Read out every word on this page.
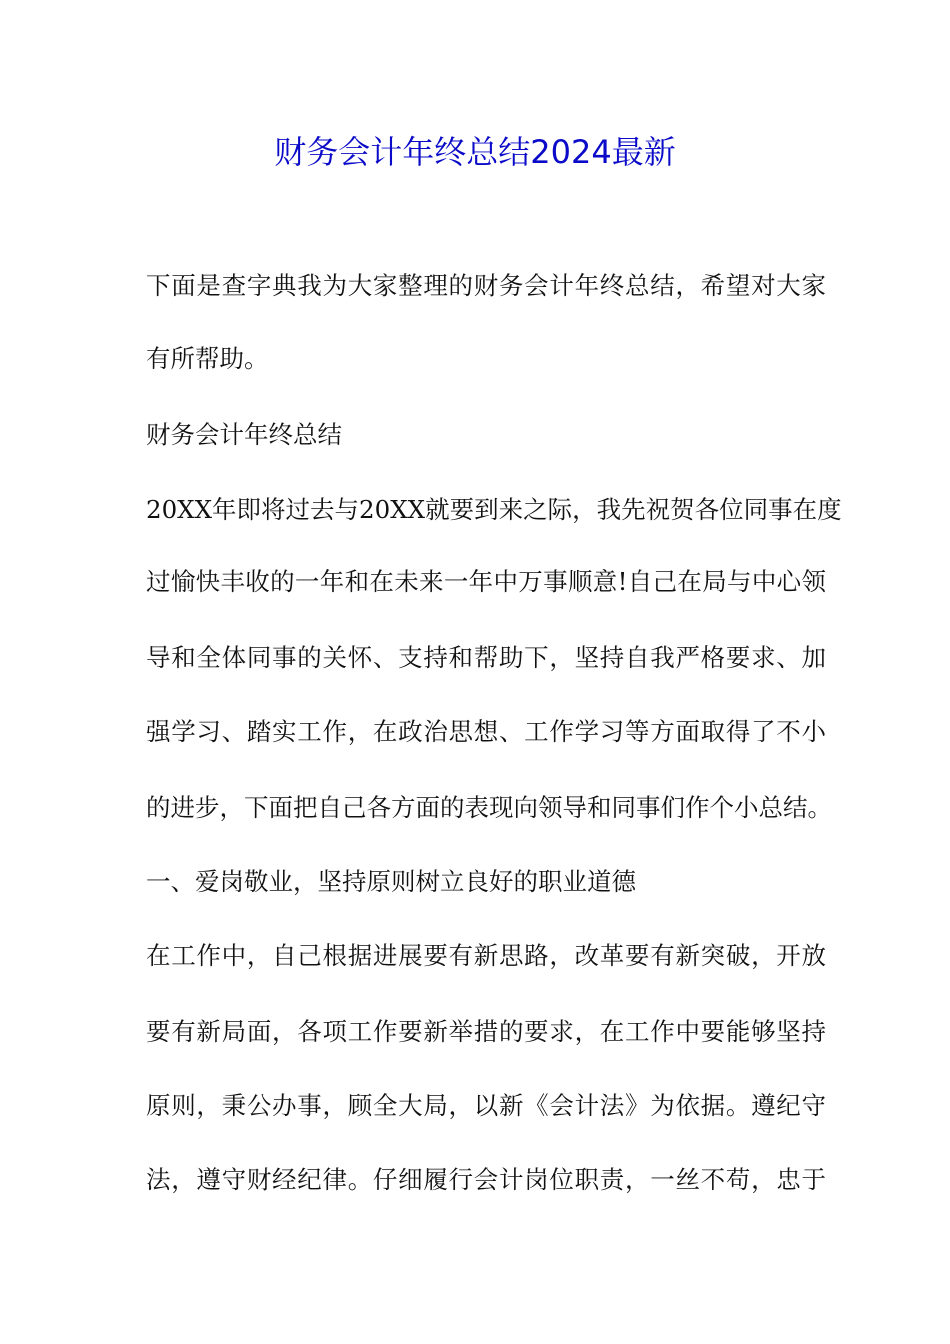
财务会计年终总结2024最新
下面是查字典我为大家整理的财务会计年终总结，希望对大家
有所帮助。
财务会计年终总结
20XX年即将过去与20XX就要到来之际，我先祝贺各位同事在度
过愉快丰收的一年和在未来一年中万事顺意!自己在局与中心领
导和全体同事的关怀、支持和帮助下，坚持自我严格要求、加
强学习、踏实工作，在政治思想、工作学习等方面取得了不小
的进步，下面把自己各方面的表现向领导和同事们作个小总结。
一、爱岗敬业，坚持原则树立良好的职业道德
在工作中，自己根据进展要有新思路，改革要有新突破，开放
要有新局面，各项工作要新举措的要求，在工作中要能够坚持
原则，秉公办事，顾全大局，以新《会计法》为依据。遵纪守
法，遵守财经纪律。仔细履行会计岗位职责，一丝不苟，忠于
